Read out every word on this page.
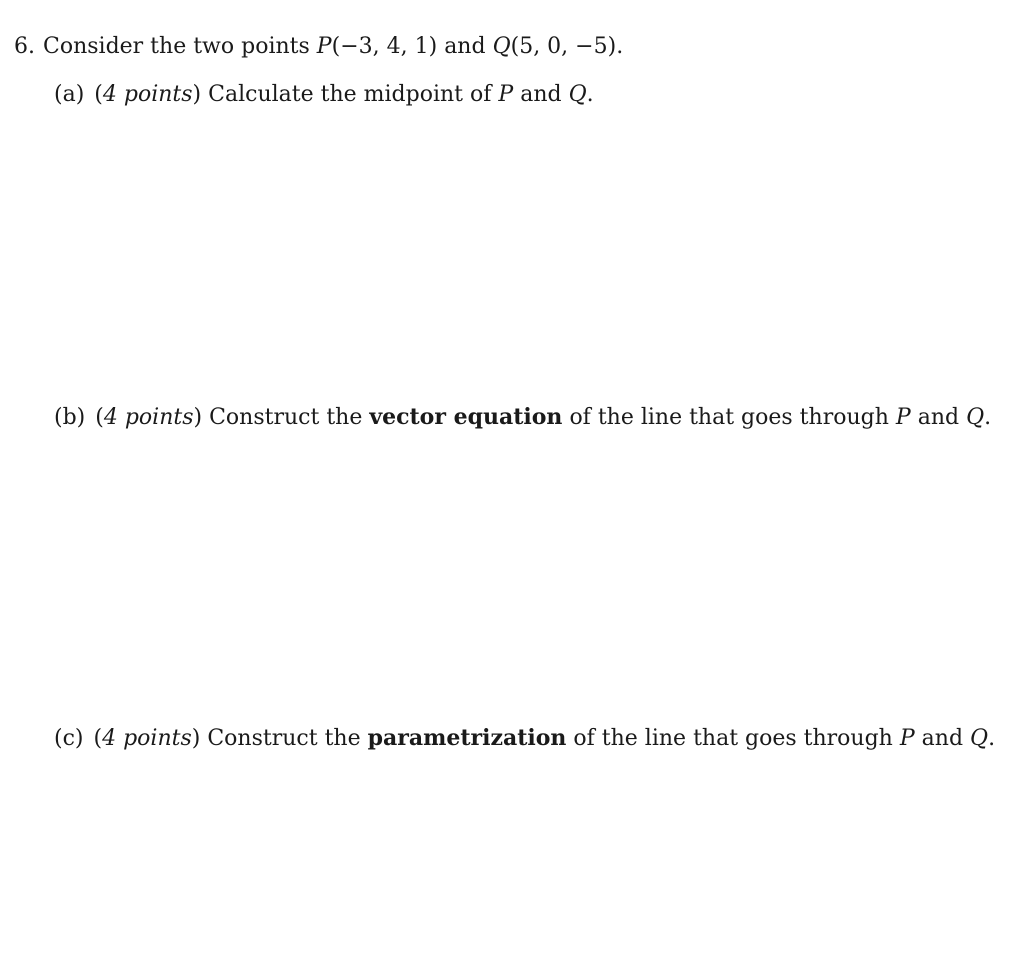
6. Consider the two points P(−3, 4, 1) and Q(5, 0, −5).
(a) (4 points) Calculate the midpoint of P and Q.
(b) (4 points) Construct the vector equation of the line that goes through P and Q.
(c) (4 points) Construct the parametrization of the line that goes through P and Q.
